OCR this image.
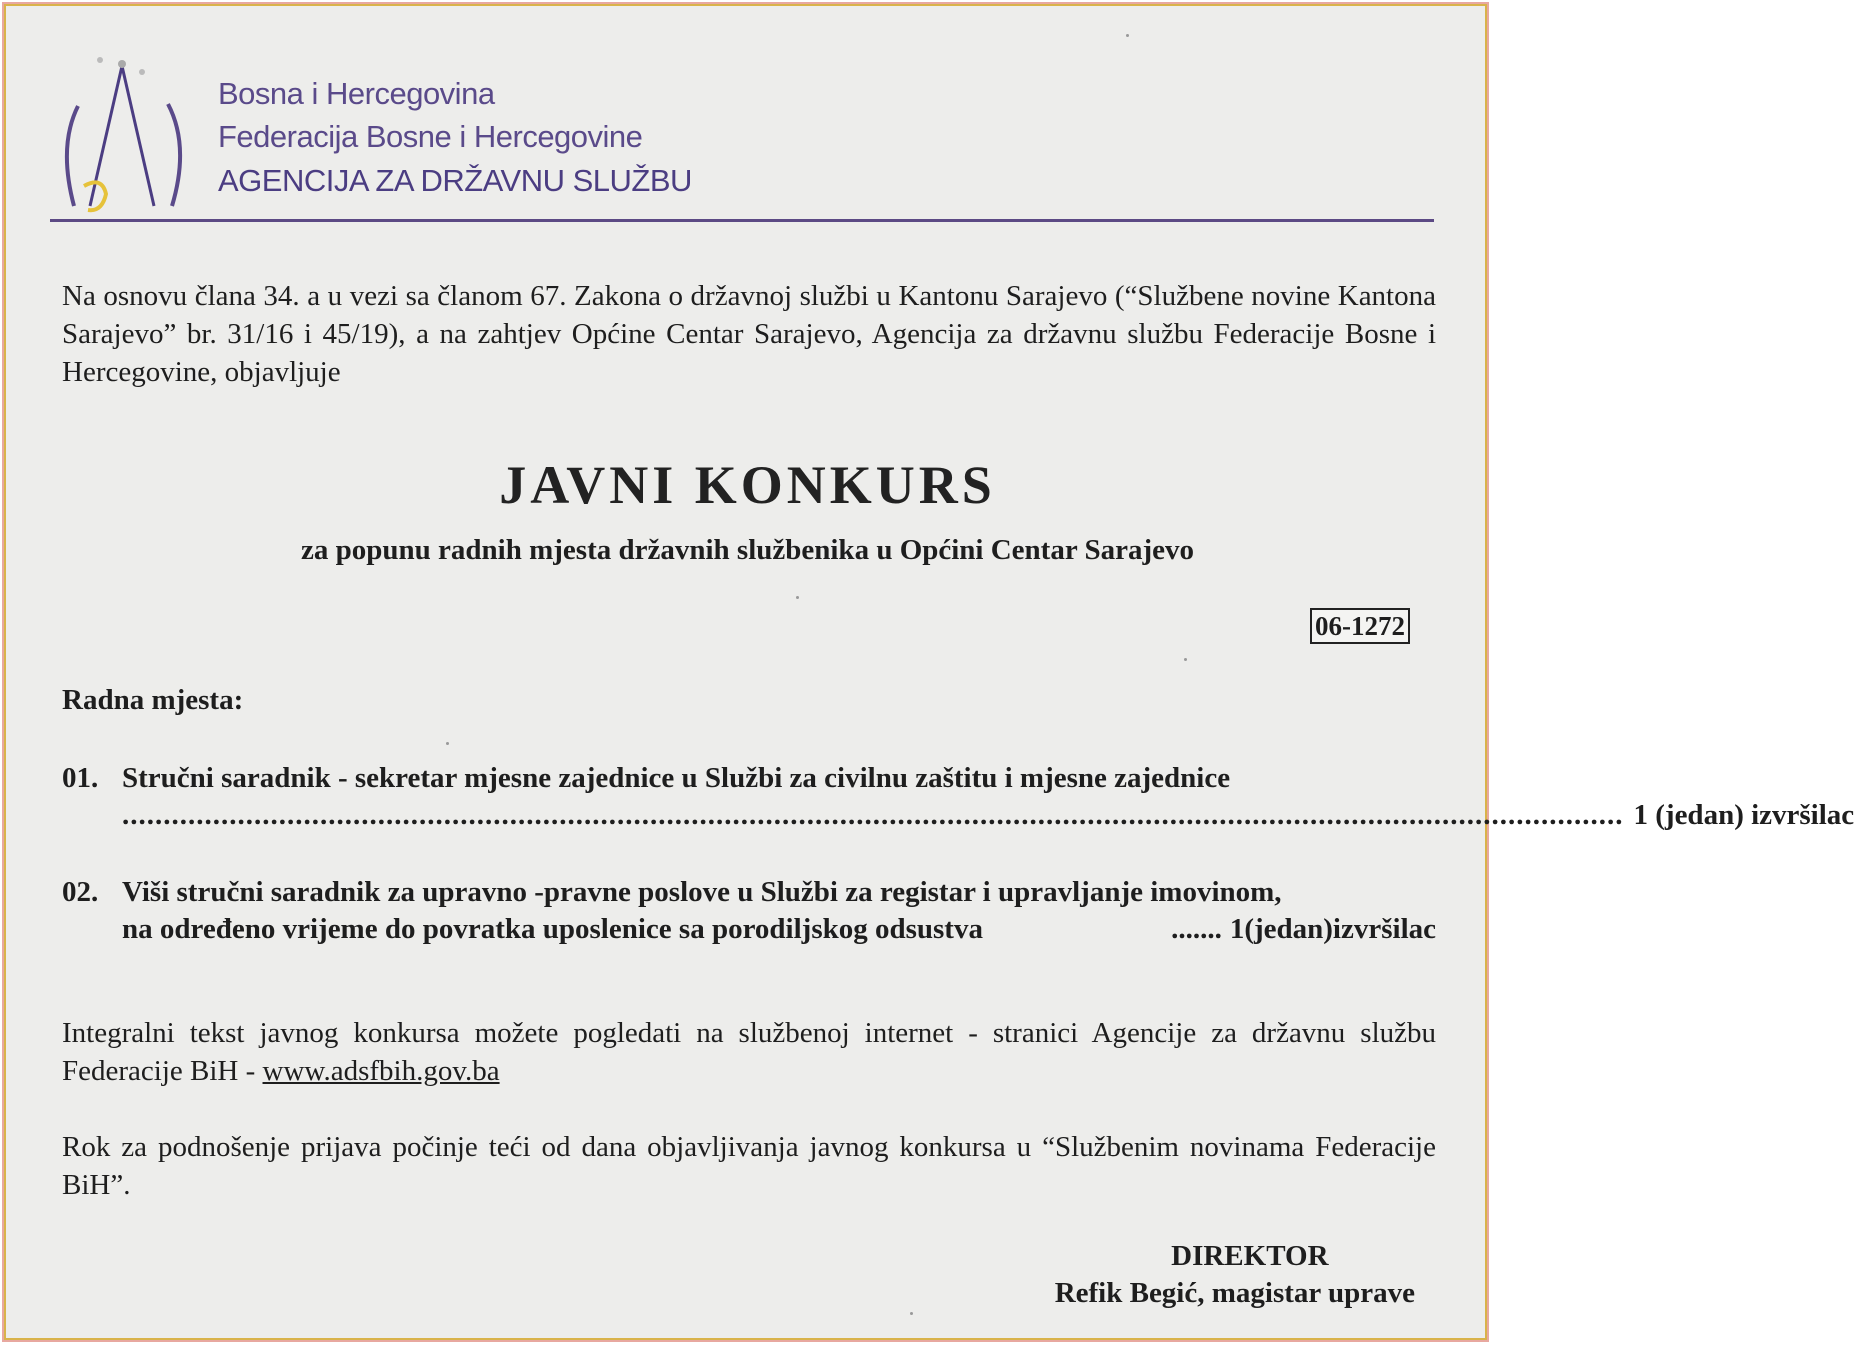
Bosna i Hercegovina
Federacija Bosne i Hercegovine
AGENCIJA ZA DRŽAVNU SLUŽBU
Na osnovu člana 34. a u vezi sa članom 67. Zakona o državnoj službi u Kantonu Sarajevo (“Službene novine Kantona Sarajevo” br. 31/16 i 45/19), a na zahtjev Općine Centar Sarajevo, Agencija za državnu službu Federacije Bosne i Hercegovine, objavljuje
JAVNI KONKURS
za popunu radnih mjesta državnih službenika u Općini Centar Sarajevo
06-1272
Radna mjesta:
01. Stručni saradnik - sekretar mjesne zajednice u Službi za civilnu zaštitu i mjesne zajednice
...................................................................................................................................................................................... 1 (jedan) izvršilac
02. Viši stručni saradnik za upravno -pravne poslove u Službi za registar i upravljanje imovinom,
na određeno vrijeme do povratka uposlenice sa porodiljskog odsustva	....... 1(jedan)izvršilac
Integralni tekst javnog konkursa možete pogledati na službenoj internet - stranici Agencije za državnu službu Federacije BiH - www.adsfbih.gov.ba
Rok za podnošenje prijava počinje teći od dana objavljivanja javnog konkursa u “Službenim novinama Federacije BiH”.
DIREKTOR
Refik Begić, magistar uprave
